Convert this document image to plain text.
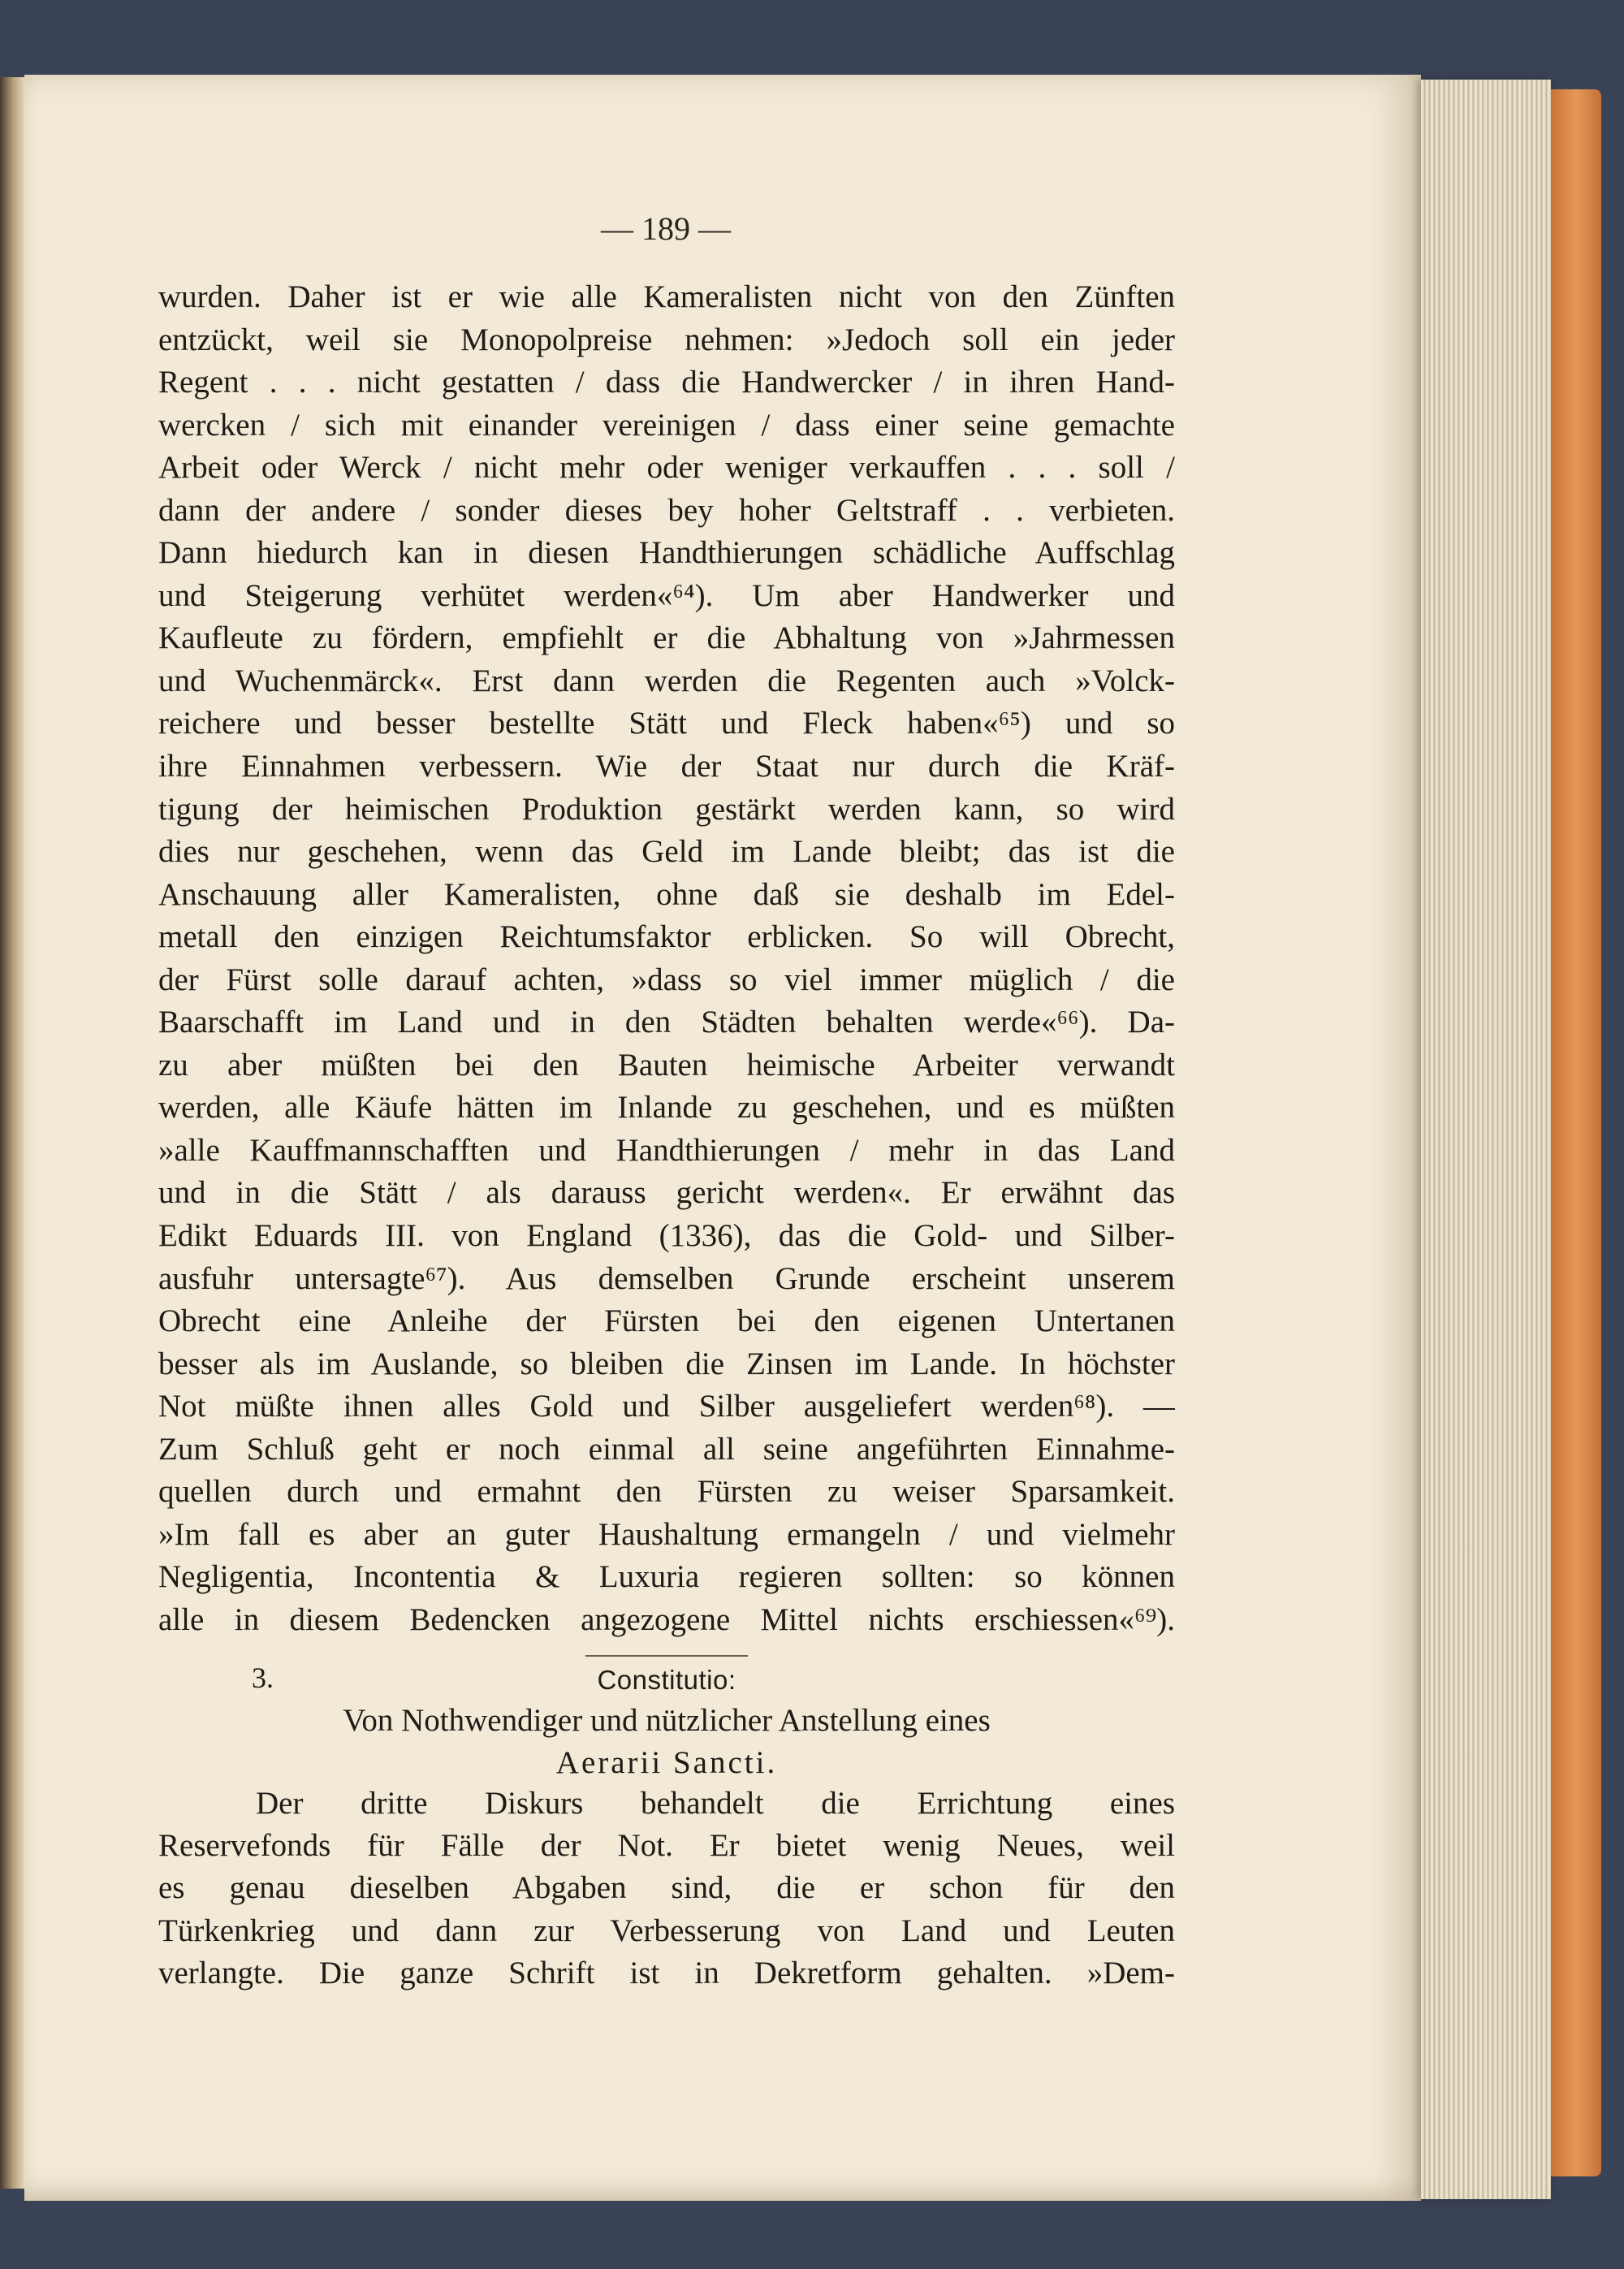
— 189 —
wurden. Daher ist er wie alle Kameralisten nicht von den Zünften
entzückt, weil sie Monopolpreise nehmen: »Jedoch soll ein jeder
Regent . . . nicht gestatten / dass die Handwercker / in ihren Hand-
wercken / sich mit einander vereinigen / dass einer seine gemachte
Arbeit oder Werck / nicht mehr oder weniger verkauffen . . . soll /
dann der andere / sonder dieses bey hoher Geltstraff . . verbieten.
Dann hiedurch kan in diesen Handthierungen schädliche Auffschlag
und Steigerung verhütet werden«⁶⁴). Um aber Handwerker und
Kaufleute zu fördern, empfiehlt er die Abhaltung von »Jahrmessen
und Wuchenmärck«. Erst dann werden die Regenten auch »Volck-
reichere und besser bestellte Stätt und Fleck haben«⁶⁵) und so
ihre Einnahmen verbessern. Wie der Staat nur durch die Kräf-
tigung der heimischen Produktion gestärkt werden kann, so wird
dies nur geschehen, wenn das Geld im Lande bleibt; das ist die
Anschauung aller Kameralisten, ohne daß sie deshalb im Edel-
metall den einzigen Reichtumsfaktor erblicken. So will Obrecht,
der Fürst solle darauf achten, »dass so viel immer müglich / die
Baarschafft im Land und in den Städten behalten werde«⁶⁶). Da-
zu aber müßten bei den Bauten heimische Arbeiter verwandt
werden, alle Käufe hätten im Inlande zu geschehen, und es müßten
»alle Kauffmannschafften und Handthierungen / mehr in das Land
und in die Stätt / als darauss gericht werden«. Er erwähnt das
Edikt Eduards III. von England (1336), das die Gold- und Silber-
ausfuhr untersagte⁶⁷). Aus demselben Grunde erscheint unserem
Obrecht eine Anleihe der Fürsten bei den eigenen Untertanen
besser als im Auslande, so bleiben die Zinsen im Lande. In höchster
Not müßte ihnen alles Gold und Silber ausgeliefert werden⁶⁸). —
Zum Schluß geht er noch einmal all seine angeführten Einnahme-
quellen durch und ermahnt den Fürsten zu weiser Sparsamkeit.
»Im fall es aber an guter Haushaltung ermangeln / und vielmehr
Negligentia, Incontentia & Luxuria regieren sollten: so können
alle in diesem Bedencken angezogene Mittel nichts erschiessen«⁶⁹).
3.	Constitutio:
Von Nothwendiger und nützlicher Anstellung eines
Aerarii Sancti.
Der dritte Diskurs behandelt die Errichtung eines
Reservefonds für Fälle der Not. Er bietet wenig Neues, weil
es genau dieselben Abgaben sind, die er schon für den
Türkenkrieg und dann zur Verbesserung von Land und Leuten
verlangte. Die ganze Schrift ist in Dekretform gehalten. »Dem-
